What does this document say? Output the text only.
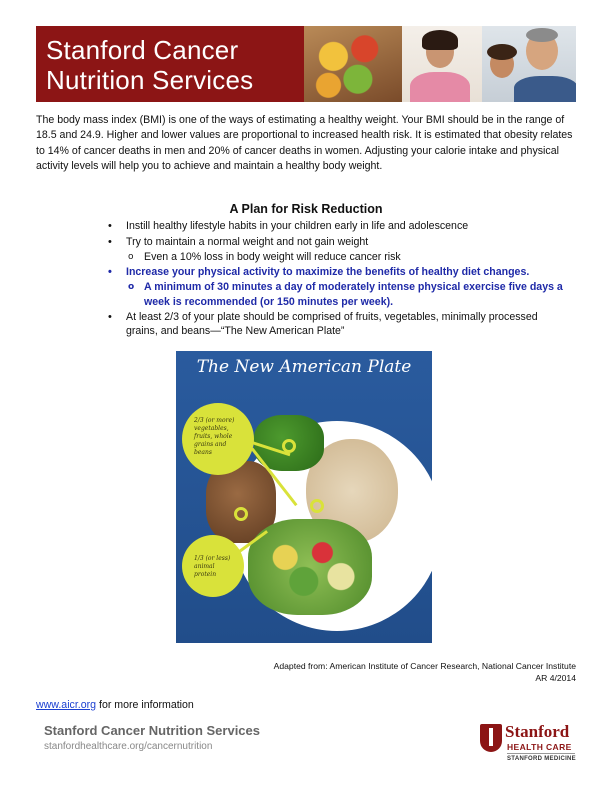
Stanford Cancer
Nutrition Services

The body mass index (BMI) is one of the ways of estimating a healthy weight. Your BMI should be in the range of 18.5 and 24.9. Higher and lower values are proportional to increased health risk. It is estimated that obesity relates to 14% of cancer deaths in men and 20% of cancer deaths in women. Adjusting your calorie intake and physical activity levels will help you to achieve and maintain a healthy body weight.

A Plan for Risk Reduction
• Instill healthy lifestyle habits in your children early in life and adolescence
• Try to maintain a normal weight and not gain weight
o Even a 10% loss in body weight will reduce cancer risk
• Increase your physical activity to maximize the benefits of healthy diet changes.
o A minimum of 30 minutes a day of moderately intense physical exercise five days a week is recommended (or 150 minutes per week).
• At least 2/3 of your plate should be comprised of fruits, vegetables, minimally processed grains, and beans—“The New American Plate”
The New American Plate
2/3 (or more) vegetables, fruits, whole grains and beans
1/3 (or less) animal protein
Adapted from: American Institute of Cancer Research, National Cancer Institute
AR 4/2014
www.aicr.org for more information
Stanford Cancer Nutrition Services
stanfordhealthcare.org/cancernutrition
Stanford
HEALTH CARE
STANFORD MEDICINE
